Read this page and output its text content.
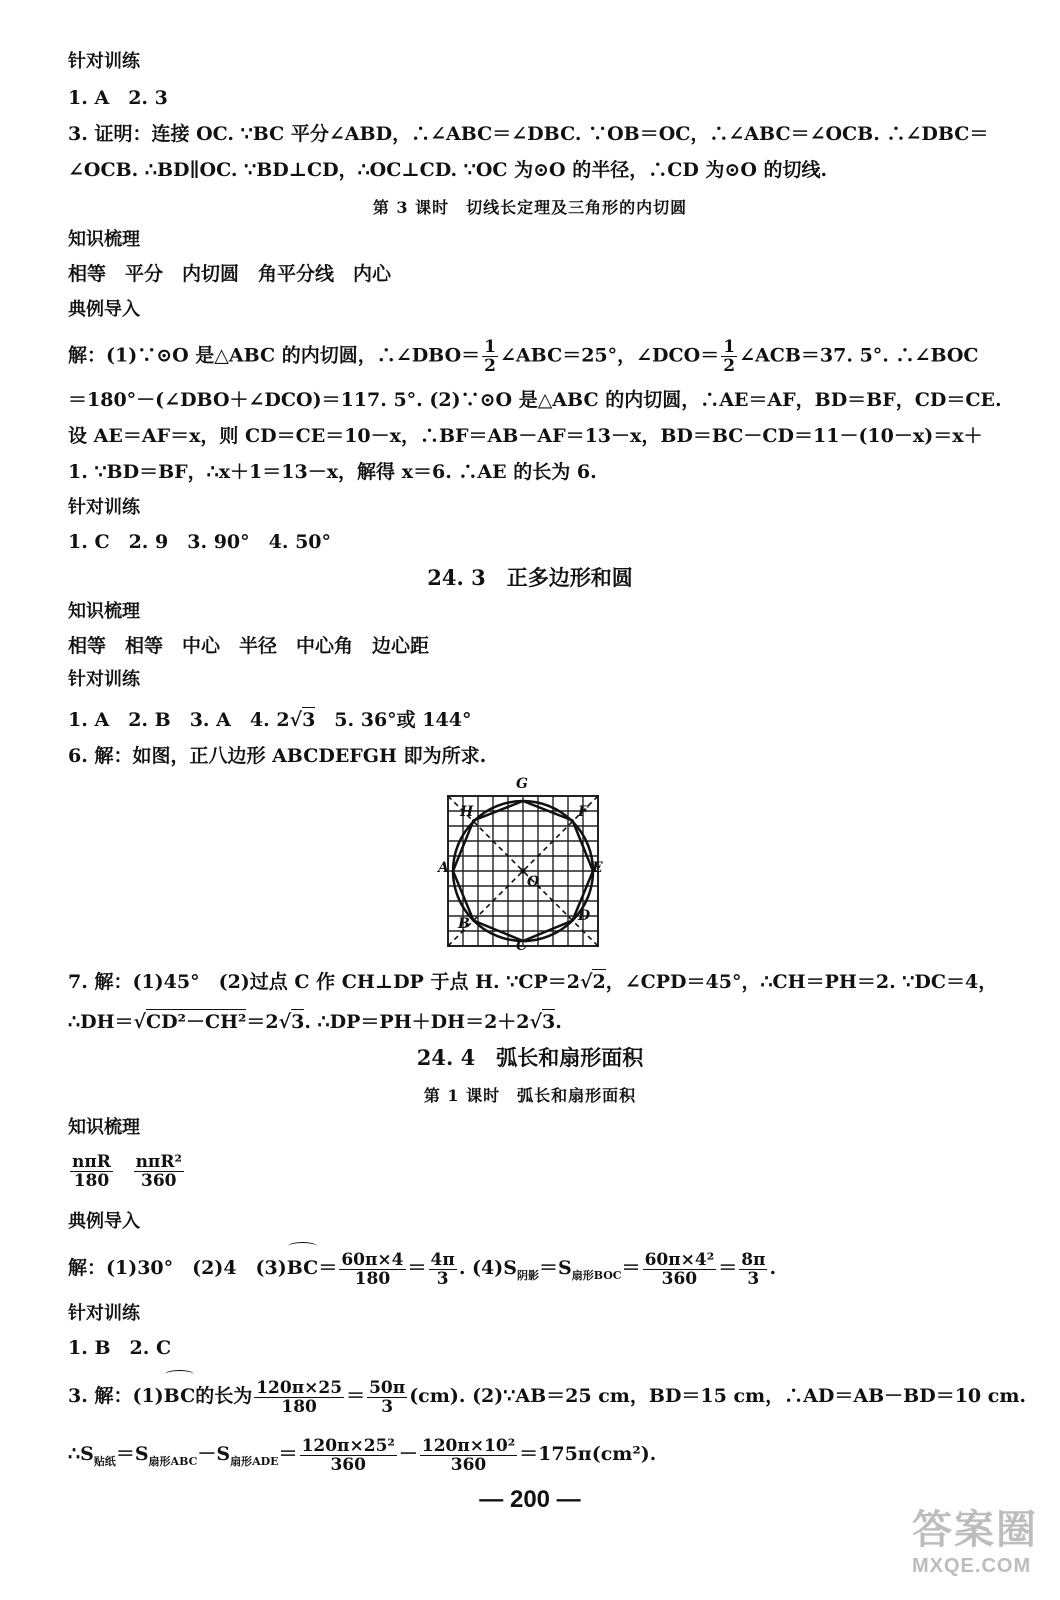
针对训练
1. A　2. 3
3. 证明：连接 OC. ∵BC 平分∠ABD，∴∠ABC＝∠DBC. ∵OB＝OC，∴∠ABC＝∠OCB. ∴∠DBC＝
∠OCB. ∴BD∥OC. ∵BD⊥CD，∴OC⊥CD. ∵OC 为⊙O 的半径，∴CD 为⊙O 的切线.
第 3 课时　切线长定理及三角形的内切圆
知识梳理
相等　平分　内切圆　角平分线　内心
典例导入
解：(1)∵⊙O 是△ABC 的内切圆，∴∠DBO＝ $\frac{1}{2}$ ∠ABC＝25°，∠DCO＝ $\frac{1}{2}$ ∠ACB＝37. 5°. ∴∠BOC
＝180°－(∠DBO＋∠DCO)＝117. 5°. (2)∵⊙O 是△ABC 的内切圆，∴AE＝AF，BD＝BF，CD＝CE.
设 AE＝AF＝x，则 CD＝CE＝10－x，∴BF＝AB－AF＝13－x，BD＝BC－CD＝11－(10－x)＝x＋
1. ∵BD＝BF，∴x＋1＝13－x，解得 x＝6. ∴AE 的长为 6.
针对训练
1. C　2. 9　3. 90°　4. 50°
24. 3　正多边形和圆
知识梳理
相等　相等　中心　半径　中心角　边心距
针对训练
1. A　2. B　3. A　4. 2√3　5. 36°或 144°
6. 解：如图，正八边形 ABCDEFGH 即为所求.
G
H	F
A	E
O
B	D
C
7. 解：(1)45°　(2)过点 C 作 CH⊥DP 于点 H. ∵CP＝2√2，∠CPD＝45°，∴CH＝PH＝2. ∵DC＝4，
∴DH＝√CD²－CH²＝2√3. ∴DP＝PH＋DH＝2＋2√3.
24. 4　弧长和扇形面积
第 1 课时　弧长和扇形面积
知识梳理
$\frac{\text{nπR}}{180}$
$\frac{\text{nπR²}}{360}$
典例导入
解：(1)30°　(2)4　$(3)BC= \frac{60\pi\times 4}{180} = \frac{4\pi}{3}$ . $(4)S_{阴影}=S_{扇形BOC}= \frac{\text{60π×4²}}{360} = \frac{8\pi}{3}$ .
针对训练
1. B　2. C
3. 解：(1)BC的长为 $\frac{120\pi\times 25}{180} = \frac{50\pi}{3} (cm)$. (2)∵AB＝25 cm，BD＝15 cm，∴AD＝AB－BD＝10 cm.
$\therefore S_{贴纸}=S_{扇形ABC}-S_{扇形ADE}= \frac{\text{120π×25²}}{360} - \frac{\text{120π×10²}}{360} =175\pi(cm^2)$.
— 200 —
答案圈
MXQE.COM
